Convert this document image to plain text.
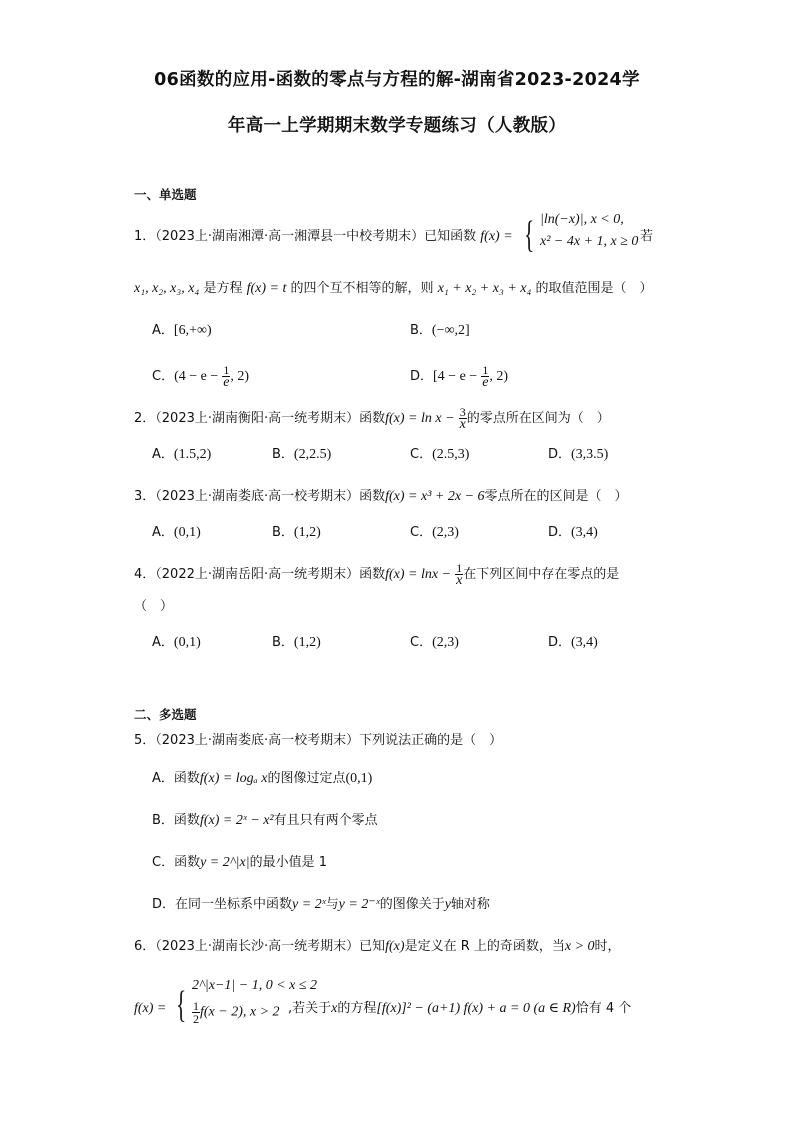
06函数的应用-函数的零点与方程的解-湖南省2023-2024学
年高一上学期期末数学专题练习（人教版）
一、单选题
1．（2023上·湖南湘潭·高一湘潭县一中校考期末）已知函数 f(x) = { |ln(−x)|, x < 0,
x² − 4x + 1, x ≥ 0 若
x₁, x₂, x₃, x₄ 是方程 f(x) = t 的四个互不相等的解，则 x₁ + x₂ + x₃ + x₄ 的取值范围是（　）
A．[6,+∞)	B．(−∞,2]
C．($4 - e - \frac{1}{e}$ , 2)	D．[$4 - e - \frac{1}{e}$ , 2)
2．（2023上·湖南衡阳·高一统考期末）函数$f(x) = \ln x - \frac{3}{x}$ 的零点所在区间为（　）
A．(1.5,2)	B．(2,2.5)	C．(2.5,3)	D．(3,3.5)
3．（2023上·湖南娄底·高一校考期末）函数f(x) = x³ + 2x − 6零点所在的区间是（　）
A．(0,1)	B．(1,2)	C．(2,3)	D．(3,4)
4．（2022上·湖南岳阳·高一统考期末）函数$f(x) = \ln x - \frac{1}{x}$ 在下列区间中存在零点的是
（　）
A．(0,1)	B．(1,2)	C．(2,3)	D．(3,4)
二、多选题
5．（2023上·湖南娄底·高一校考期末）下列说法正确的是（　）
A．函数f(x) = logₐ x的图像过定点(0,1)
B．函数f(x) = 2ˣ − x²有且只有两个零点
C．函数y = 2^|x|的最小值是 1
D．在同一坐标系中函数y = 2ˣ与y = 2⁻ˣ的图像关于y轴对称
6．（2023上·湖南长沙·高一统考期末）已知f(x)是定义在 R 上的奇函数，当x > 0时，
f(x) = { 2^|x−1| − 1, 0 < x ≤ 2
$\frac{1}{2} f(x - 2)$, x > 2 ,若关于x的方程[f(x)]² − (a+1) f(x) + a = 0 (a ∈ R)恰有 4 个
